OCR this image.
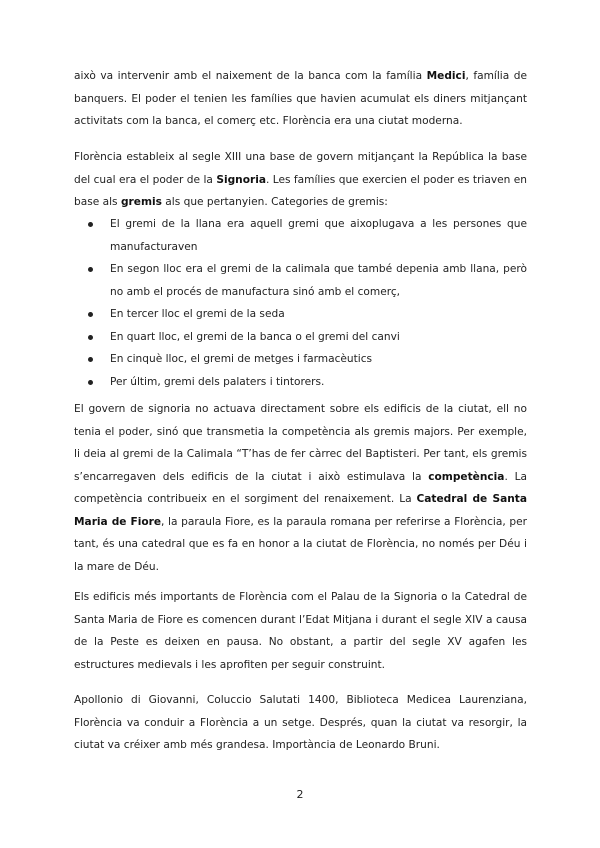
això va intervenir amb el naixement de la banca com la família Medici, família de banquers. El poder el tenien les famílies que havien acumulat els diners mitjançant activitats com la banca, el comerç etc. Florència era una ciutat moderna.

Florència estableix al segle XIII una base de govern mitjançant la República la base del cual era el poder de la Signoria. Les famílies que exercien el poder es triaven en base als gremis als que pertanyien. Categories de gremis:

El gremi de la llana era aquell gremi que aixoplugava a les persones que manufacturaven
En segon lloc era el gremi de la calimala que també depenia amb llana, però no amb el procés de manufactura sinó amb el comerç,
En tercer lloc el gremi de la seda
En quart lloc, el gremi de la banca o el gremi del canvi
En cinquè lloc, el gremi de metges i farmacèutics
Per últim, gremi dels palaters i tintorers.

El govern de signoria no actuava directament sobre els edificis de la ciutat, ell no tenia el poder, sinó que transmetia la competència als gremis majors. Per exemple, li deia al gremi de la Calimala “T’has de fer càrrec del Baptisteri. Per tant, els gremis s’encarregaven dels edificis de la ciutat i això estimulava la competència. La competència contribueix en el sorgiment del renaixement. La Catedral de Santa Maria de Fiore, la paraula Fiore, es la paraula romana per referirse a Florència, per tant, és una catedral que es fa en honor a la ciutat de Florència, no només per Déu i la mare de Déu.

Els edificis més importants de Florència com el Palau de la Signoria o la Catedral de Santa Maria de Fiore es comencen durant l’Edat Mitjana i durant el segle XIV a causa de la Peste es deixen en pausa. No obstant, a partir del segle XV agafen les estructures medievals i les aprofiten per seguir construint.

Apollonio di Giovanni, Coluccio Salutati 1400, Biblioteca Medicea Laurenziana, Florència va conduir a Florència a un setge. Després, quan la ciutat va resorgir, la ciutat va créixer amb més grandesa. Importància de Leonardo Bruni.

2
